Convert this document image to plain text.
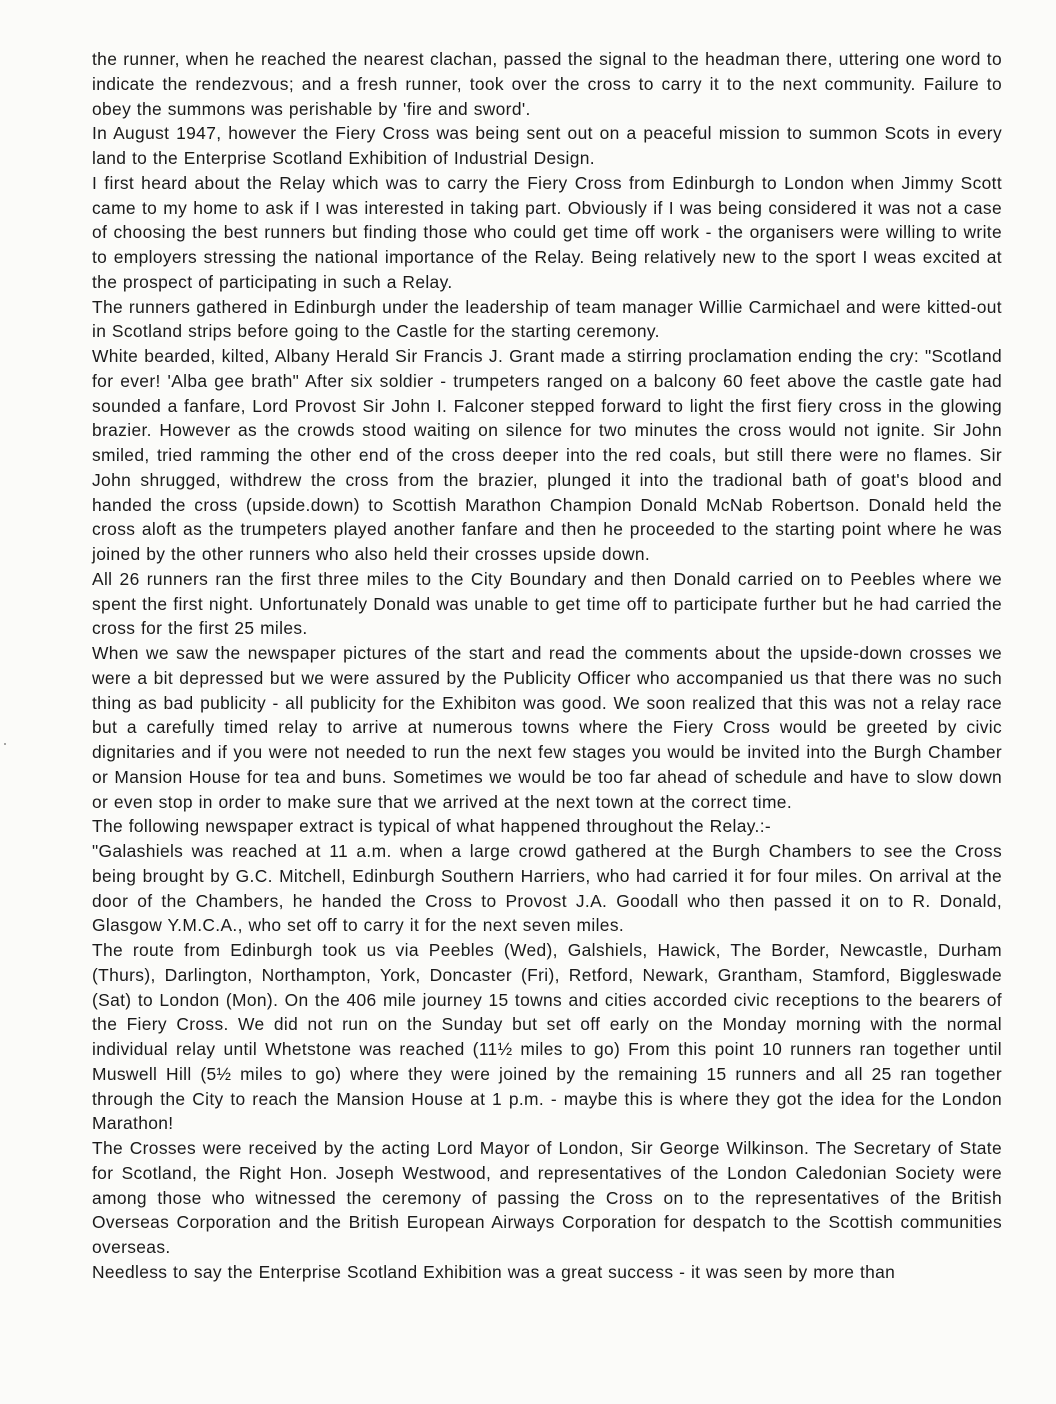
the runner, when he reached the nearest clachan, passed the signal to the headman there, uttering one word to indicate the rendezvous; and a fresh runner, took over the cross to carry it to the next community. Failure to obey the summons was perishable by 'fire and sword'.

In August 1947, however the Fiery Cross was being sent out on a peaceful mission to summon Scots in every land to the Enterprise Scotland Exhibition of Industrial Design.

I first heard about the Relay which was to carry the Fiery Cross from Edinburgh to London when Jimmy Scott came to my home to ask if I was interested in taking part. Obviously if I was being considered it was not a case of choosing the best runners but finding those who could get time off work - the organisers were willing to write to employers stressing the national importance of the Relay. Being relatively new to the sport I weas excited at the prospect of participating in such a Relay.

The runners gathered in Edinburgh under the leadership of team manager Willie Carmichael and were kitted-out in Scotland strips before going to the Castle for the starting ceremony.

White bearded, kilted, Albany Herald Sir Francis J. Grant made a stirring proclamation ending the cry: "Scotland for ever! 'Alba gee brath" After six soldier - trumpeters ranged on a balcony 60 feet above the castle gate had sounded a fanfare, Lord Provost Sir John I. Falconer stepped forward to light the first fiery cross in the glowing brazier. However as the crowds stood waiting on silence for two minutes the cross would not ignite. Sir John smiled, tried ramming the other end of the cross deeper into the red coals, but still there were no flames. Sir John shrugged, withdrew the cross from the brazier, plunged it into the tradional bath of goat's blood and handed the cross (upside.down) to Scottish Marathon Champion Donald McNab Robertson. Donald held the cross aloft as the trumpeters played another fanfare and then he proceeded to the starting point where he was joined by the other runners who also held their crosses upside down.

All 26 runners ran the first three miles to the City Boundary and then Donald carried on to Peebles where we spent the first night. Unfortunately Donald was unable to get time off to participate further but he had carried the cross for the first 25 miles.

When we saw the newspaper pictures of the start and read the comments about the upside-down crosses we were a bit depressed but we were assured by the Publicity Officer who accompanied us that there was no such thing as bad publicity - all publicity for the Exhibiton was good. We soon realized that this was not a relay race but a carefully timed relay to arrive at numerous towns where the Fiery Cross would be greeted by civic dignitaries and if you were not needed to run the next few stages you would be invited into the Burgh Chamber or Mansion House for tea and buns. Sometimes we would be too far ahead of schedule and have to slow down or even stop in order to make sure that we arrived at the next town at the correct time.

The following newspaper extract is typical of what happened throughout the Relay.:-

"Galashiels was reached at 11 a.m. when a large crowd gathered at the Burgh Chambers to see the Cross being brought by G.C. Mitchell, Edinburgh Southern Harriers, who had carried it for four miles. On arrival at the door of the Chambers, he handed the Cross to Provost J.A. Goodall who then passed it on to R. Donald, Glasgow Y.M.C.A., who set off to carry it for the next seven miles.

The route from Edinburgh took us via Peebles (Wed), Galshiels, Hawick, The Border, Newcastle, Durham (Thurs), Darlington, Northampton, York, Doncaster (Fri), Retford, Newark, Grantham, Stamford, Biggleswade (Sat) to London (Mon). On the 406 mile journey 15 towns and cities accorded civic receptions to the bearers of the Fiery Cross. We did not run on the Sunday but set off early on the Monday morning with the normal individual relay until Whetstone was reached (11½ miles to go) From this point 10 runners ran together until Muswell Hill (5½ miles to go) where they were joined by the remaining 15 runners and all 25 ran together through the City to reach the Mansion House at 1 p.m. - maybe this is where they got the idea for the London Marathon!

The Crosses were received by the acting Lord Mayor of London, Sir George Wilkinson. The Secretary of State for Scotland, the Right Hon. Joseph Westwood, and representatives of the London Caledonian Society were among those who witnessed the ceremony of passing the Cross on to the representatives of the British Overseas Corporation and the British European Airways Corporation for despatch to the Scottish communities overseas.

Needless to say the Enterprise Scotland Exhibition was a great success - it was seen by more than
